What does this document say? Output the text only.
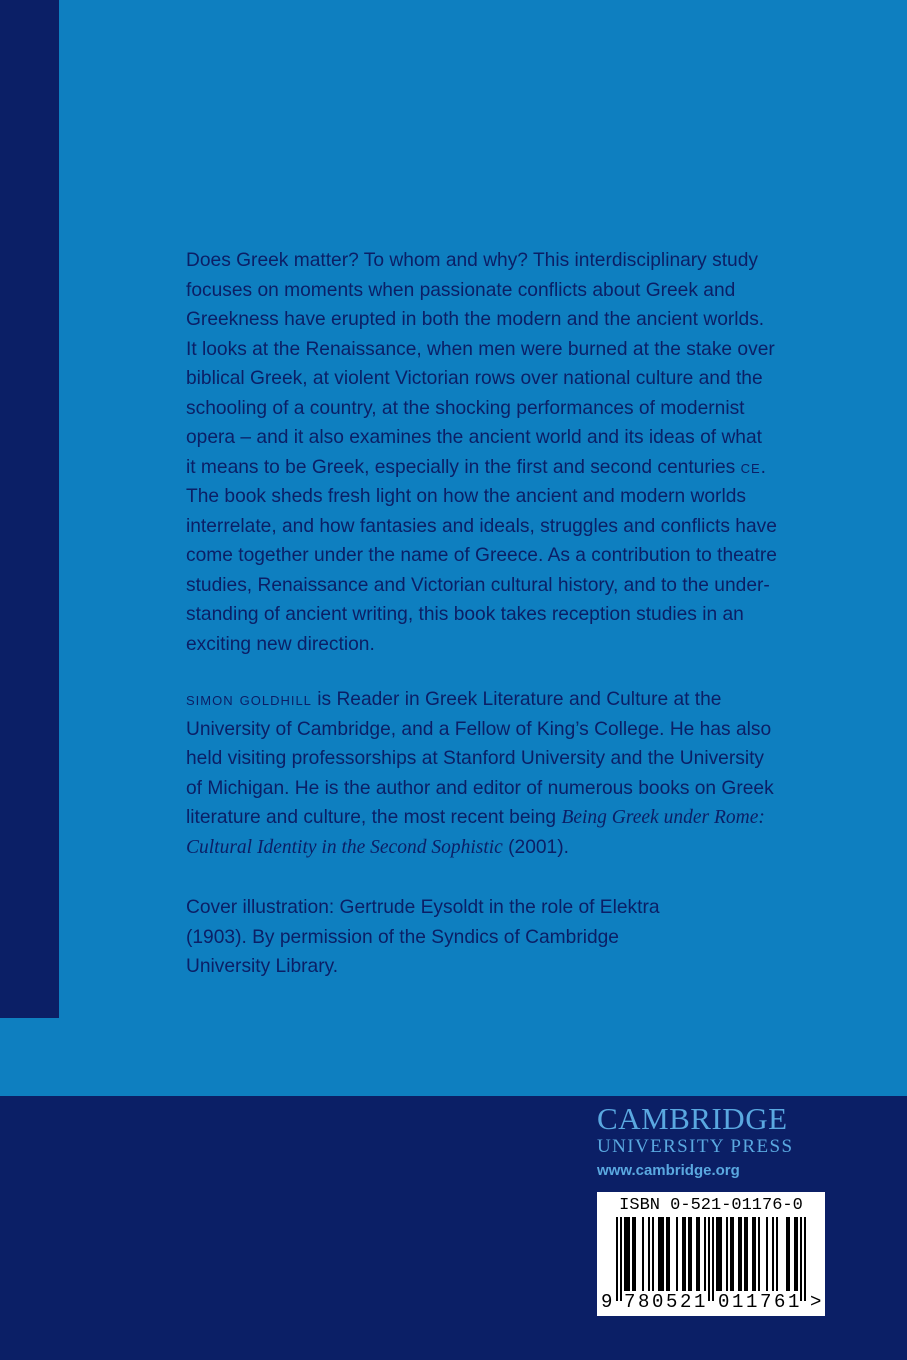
Does Greek matter? To whom and why? This interdisciplinary study
focuses on moments when passionate conflicts about Greek and
Greekness have erupted in both the modern and the ancient worlds.
It looks at the Renaissance, when men were burned at the stake over
biblical Greek, at violent Victorian rows over national culture and the
schooling of a country, at the shocking performances of modernist
opera – and it also examines the ancient world and its ideas of what
it means to be Greek, especially in the first and second centuries ce.
The book sheds fresh light on how the ancient and modern worlds
interrelate, and how fantasies and ideals, struggles and conflicts have
come together under the name of Greece. As a contribution to theatre
studies, Renaissance and Victorian cultural history, and to the under-
standing of ancient writing, this book takes reception studies in an
exciting new direction.

simon goldhill is Reader in Greek Literature and Culture at the
University of Cambridge, and a Fellow of King’s College. He has also
held visiting professorships at Stanford University and the University
of Michigan. He is the author and editor of numerous books on Greek
literature and culture, the most recent being Being Greek under Rome:
Cultural Identity in the Second Sophistic (2001).

Cover illustration: Gertrude Eysoldt in the role of Elektra
(1903). By permission of the Syndics of Cambridge
University Library.

CAMBRIDGE
UNIVERSITY PRESS
www.cambridge.org
ISBN 0-521-01176-0
9 7 8 0 5 2 1 0 1 1 7 6 1 >
